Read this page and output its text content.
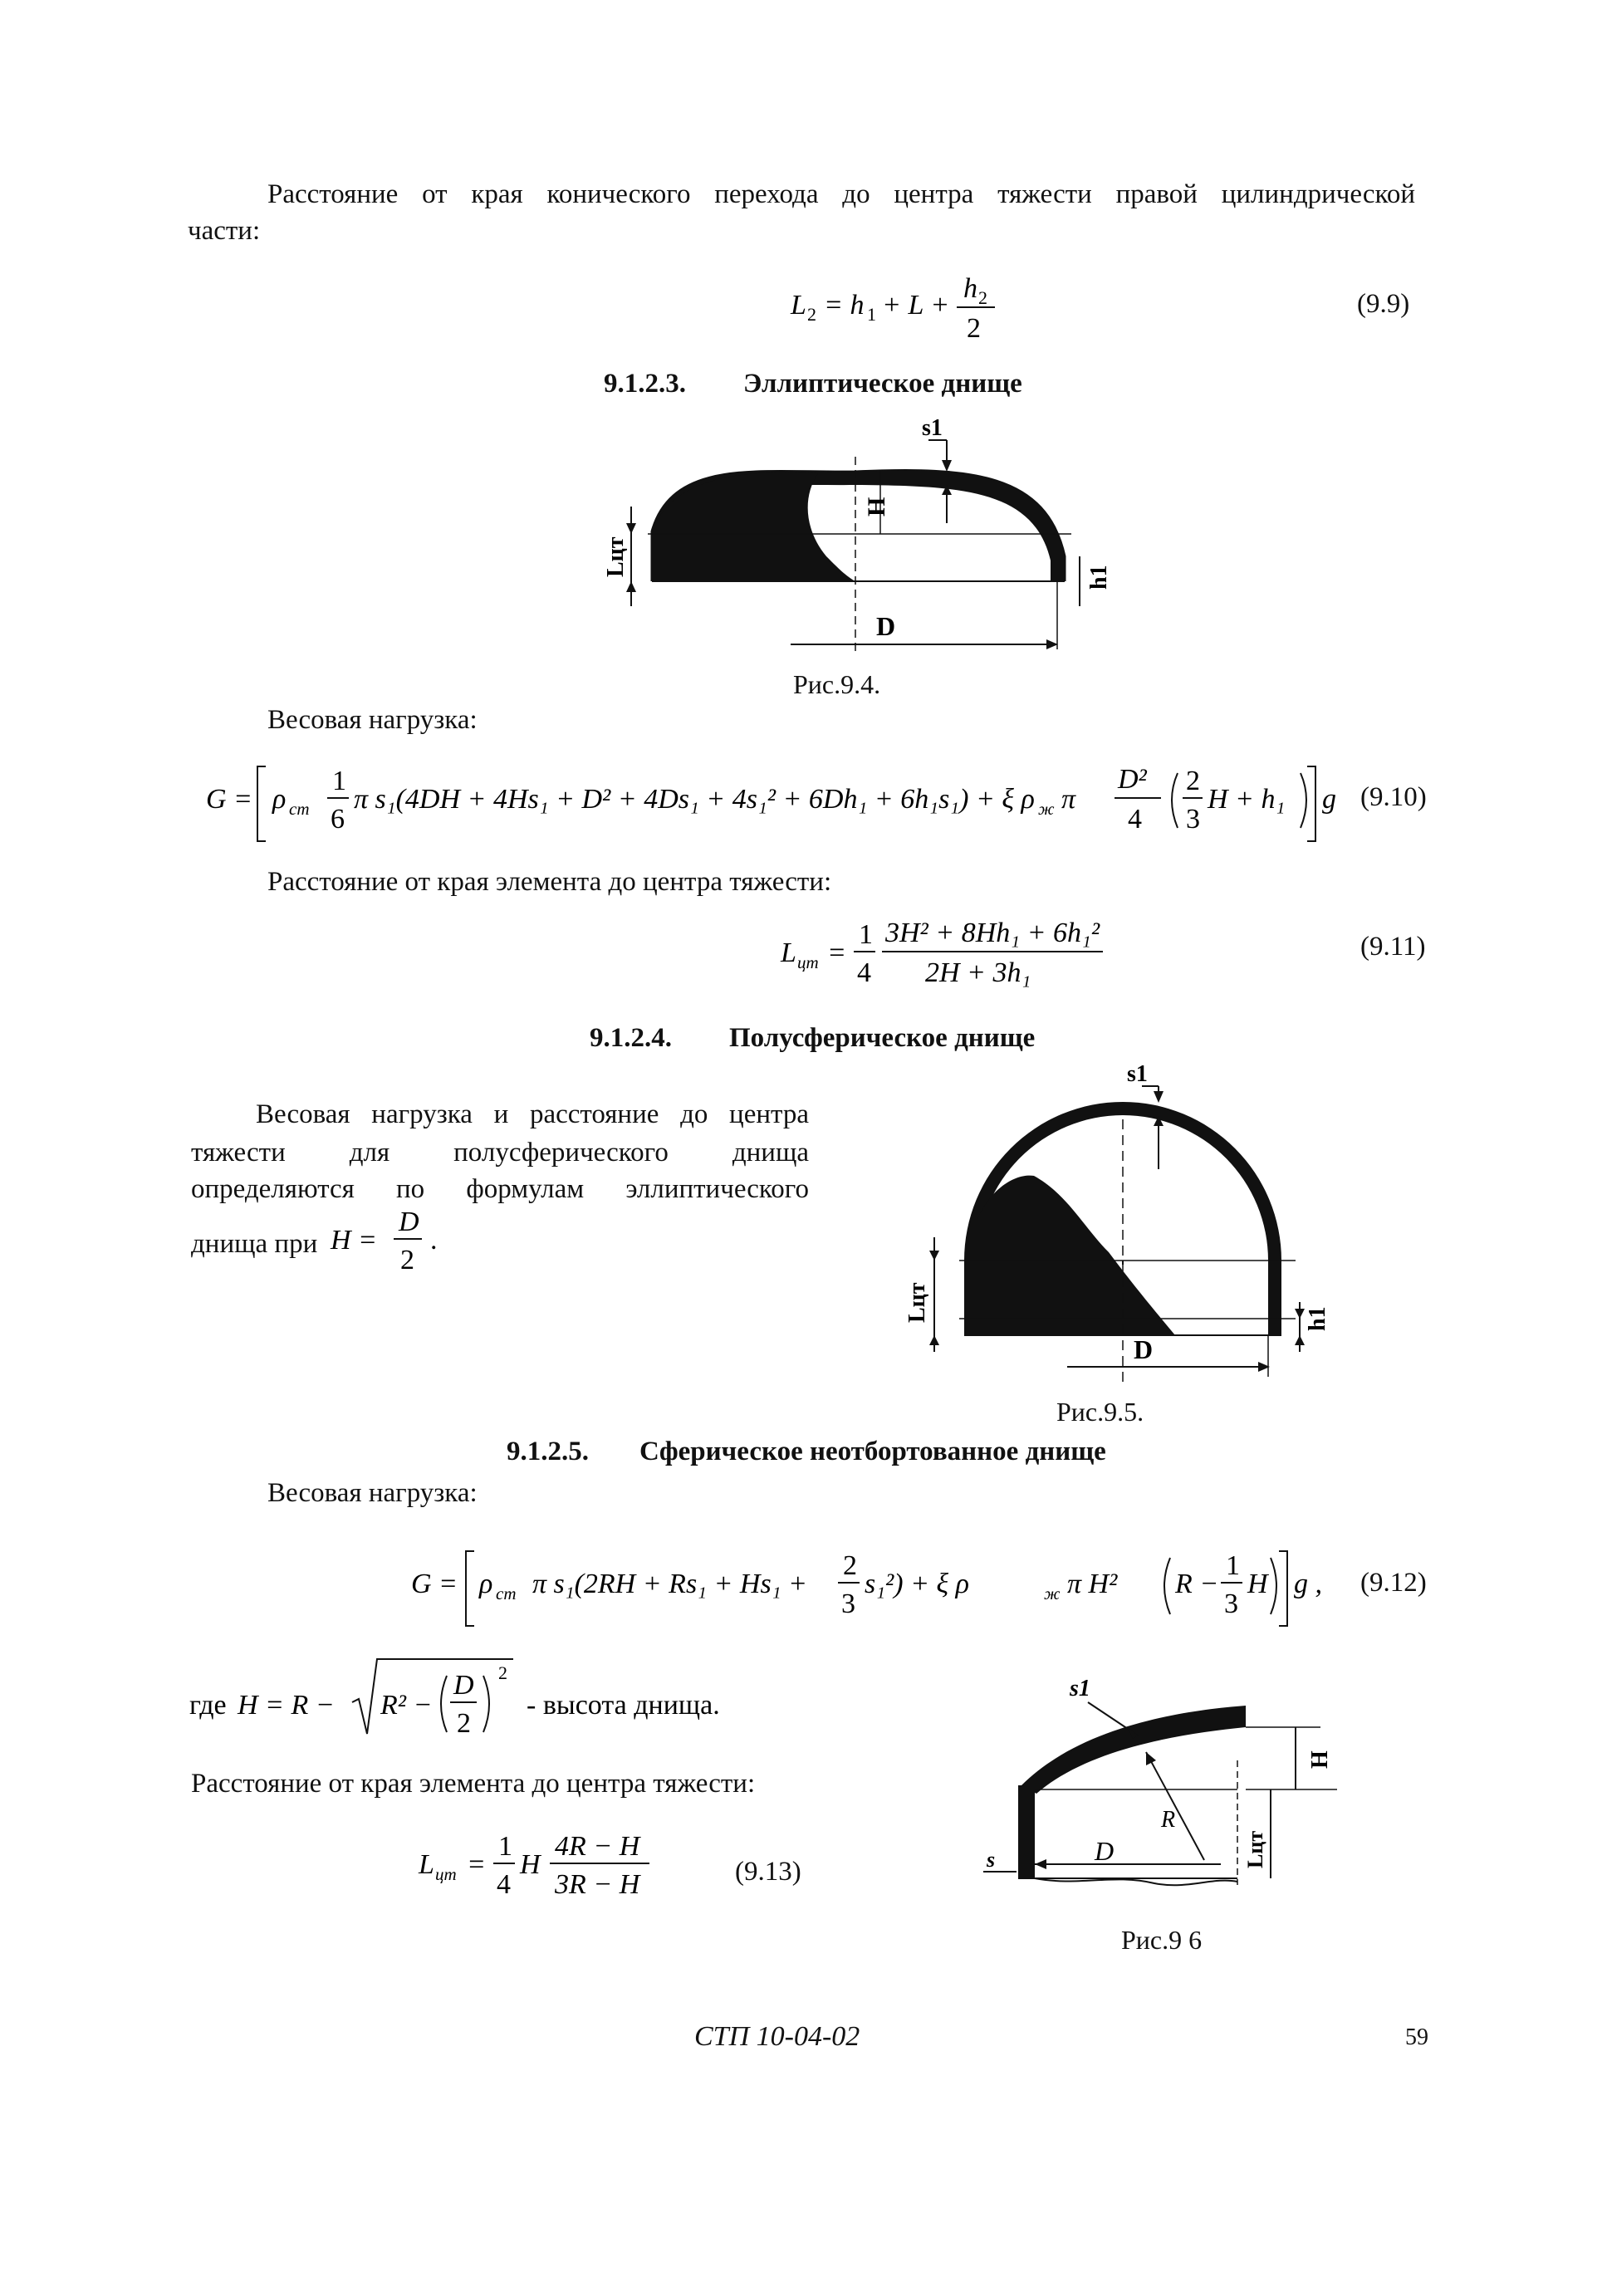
Расстояние от края конического перехода до центра тяжести правой цилиндрической
части:
L 2 = h 1 + L +
h 2
2
(9.9)
9.1.2.3. Эллиптическое днище
H
s1
Lцт
h1
D
Рис.9.4.
Весовая нагрузка:
G = ρ ст
1
6
π s₁(4DH + 4Hs₁ + D² + 4Ds₁ + 4s₁² + 6Dh₁ + 6h₁s₁) + ξ ρ ж π
D²
4
2
3
H + h₁ g (9.10)
Расстояние от края элемента до центра тяжести:
L цт =
1
4
3H² + 8Hh₁ + 6h₁²
2H + 3h₁
(9.11)
9.1.2.4. Полусферическое днище
Весовая нагрузка и расстояние до центра
тяжести для полусферического днища
определяются по формулам эллиптического
днища при H =
D
2
.
s1
Lцт	h1
D
Рис.9.5.
9.1.2.5. Сферическое неотбортованное днище
Весовая нагрузка:
G = ρ ст π s₁(2RH + Rs₁ + Hs₁ +
2
3
s₁²) + ξ ρ	ж π H² R −
1
3
H g , (9.12)
где H = R − R² −
D
2
2
- высота днища.
Расстояние от края элемента до центра тяжести:
L цт =
1
4
H
4R − H
3R − H	(9.13)
s1
R
D
s
H
Lцт
Рис.9 6
СТП 10-04-02	59
